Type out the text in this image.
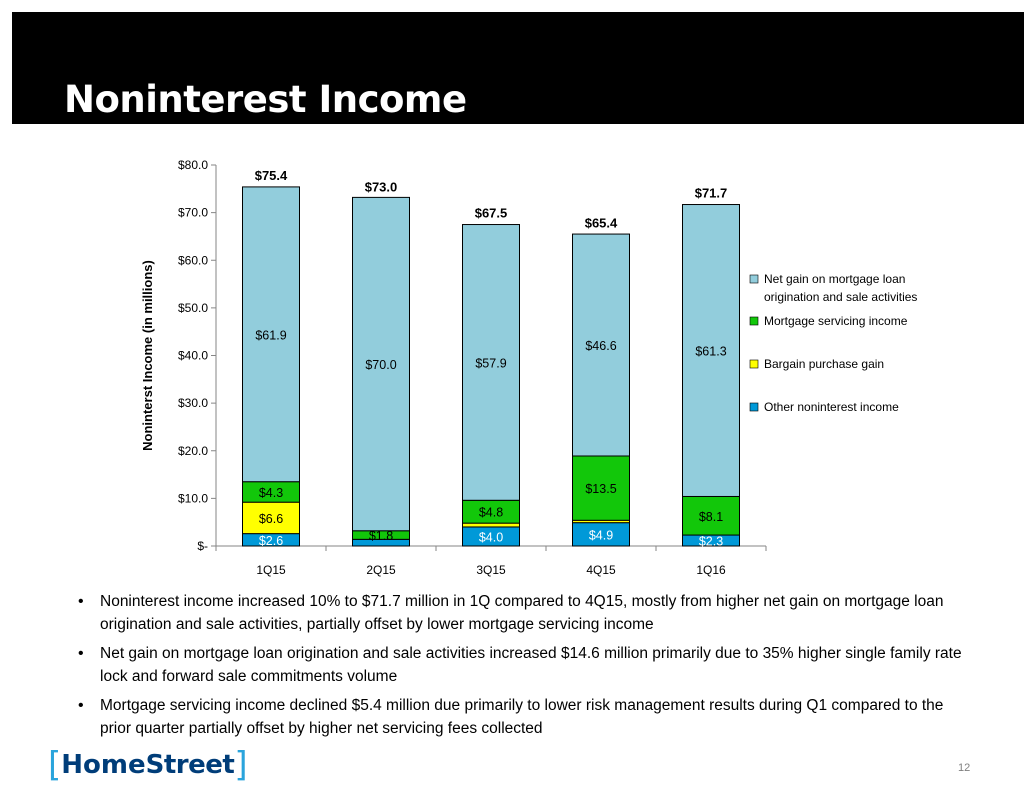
Noninterest Income
$-
$10.0
$20.0
$30.0
$40.0
$50.0
$60.0
$70.0
$80.0
Noninterst Income (in millions)
$2.6
$6.6
$4.3
$61.9
$75.4
1Q15
$1.8
$70.0
$73.0
2Q15
$4.0
$4.8
$57.9
$67.5
3Q15
$4.9
$13.5
$46.6
$65.4
4Q15
$2.3
$8.1
$61.3
$71.7
1Q16
Net gain on mortgage loan
origination and sale activities
Mortgage servicing income
Bargain purchase gain
Other noninterest income
• Noninterest income increased 10% to $71.7 million in 1Q compared to 4Q15, mostly from higher net gain on mortgage loan origination and sale activities, partially offset by lower mortgage servicing income
• Net gain on mortgage loan origination and sale activities increased $14.6 million primarily due to 35% higher single family rate lock and forward sale commitments volume
• Mortgage servicing income declined $5.4 million due primarily to lower risk management results during Q1 compared to the prior quarter partially offset by higher net servicing fees collected
[ Home Street ]	12
